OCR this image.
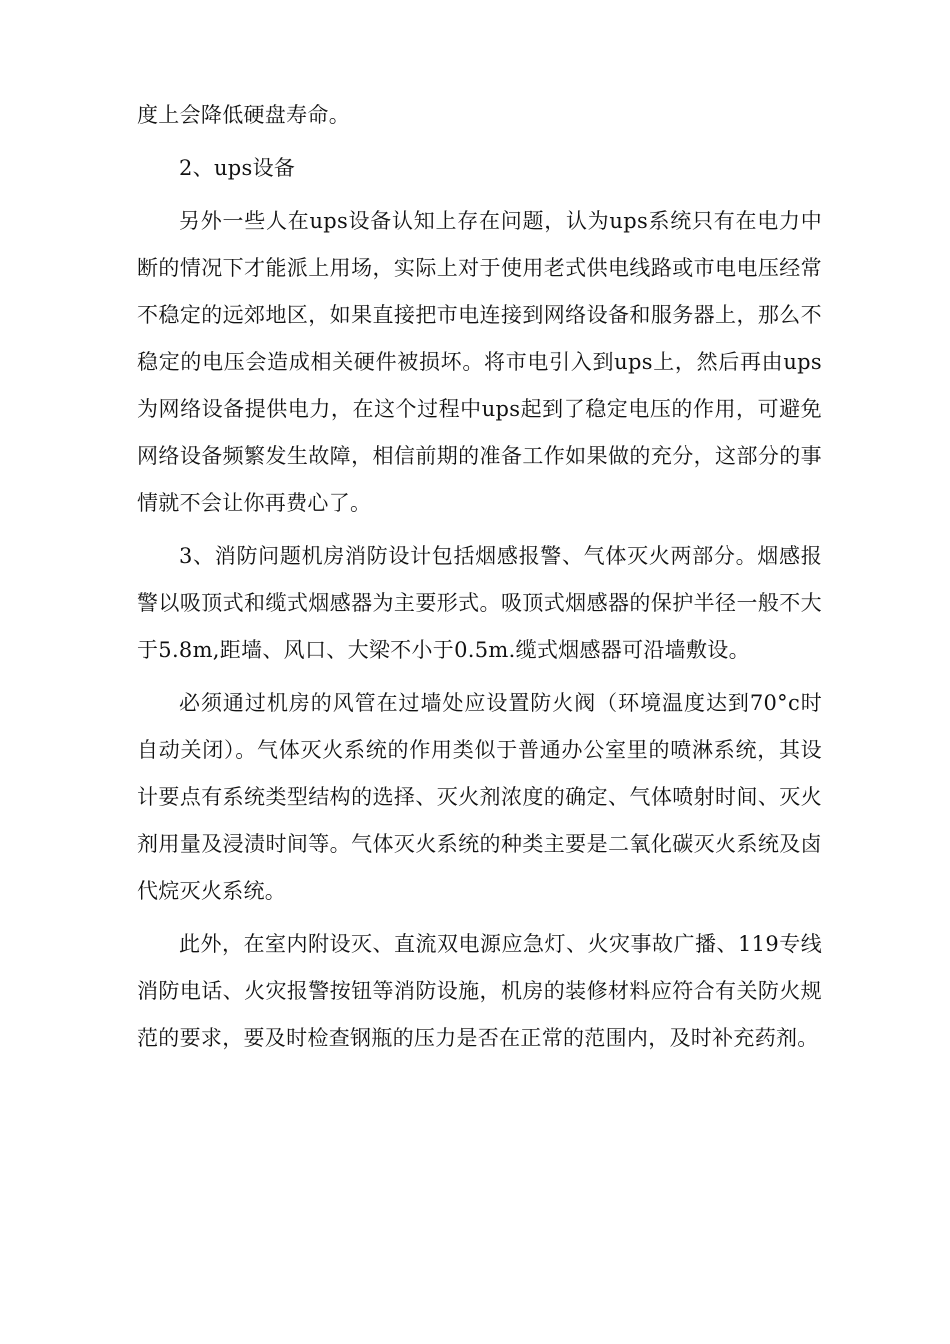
度上会降低硬盘寿命。

2、ups设备

另外一些人在ups设备认知上存在问题，认为ups系统只有在电力中断的情况下才能派上用场，实际上对于使用老式供电线路或市电电压经常不稳定的远郊地区，如果直接把市电连接到网络设备和服务器上，那么不稳定的电压会造成相关硬件被损坏。将市电引入到ups上，然后再由ups为网络设备提供电力，在这个过程中ups起到了稳定电压的作用，可避免网络设备频繁发生故障，相信前期的准备工作如果做的充分，这部分的事情就不会让你再费心了。

3、消防问题机房消防设计包括烟感报警、气体灭火两部分。烟感报警以吸顶式和缆式烟感器为主要形式。吸顶式烟感器的保护半径一般不大于5.8m,距墙、风口、大梁不小于0.5m.缆式烟感器可沿墙敷设。

必须通过机房的风管在过墙处应设置防火阀（环境温度达到70°c时自动关闭）。气体灭火系统的作用类似于普通办公室里的喷淋系统，其设计要点有系统类型结构的选择、灭火剂浓度的确定、气体喷射时间、灭火剂用量及浸渍时间等。气体灭火系统的种类主要是二氧化碳灭火系统及卤代烷灭火系统。

此外，在室内附设灭、直流双电源应急灯、火灾事故广播、119专线消防电话、火灾报警按钮等消防设施，机房的装修材料应符合有关防火规范的要求，要及时检查钢瓶的压力是否在正常的范围内，及时补充药剂。
